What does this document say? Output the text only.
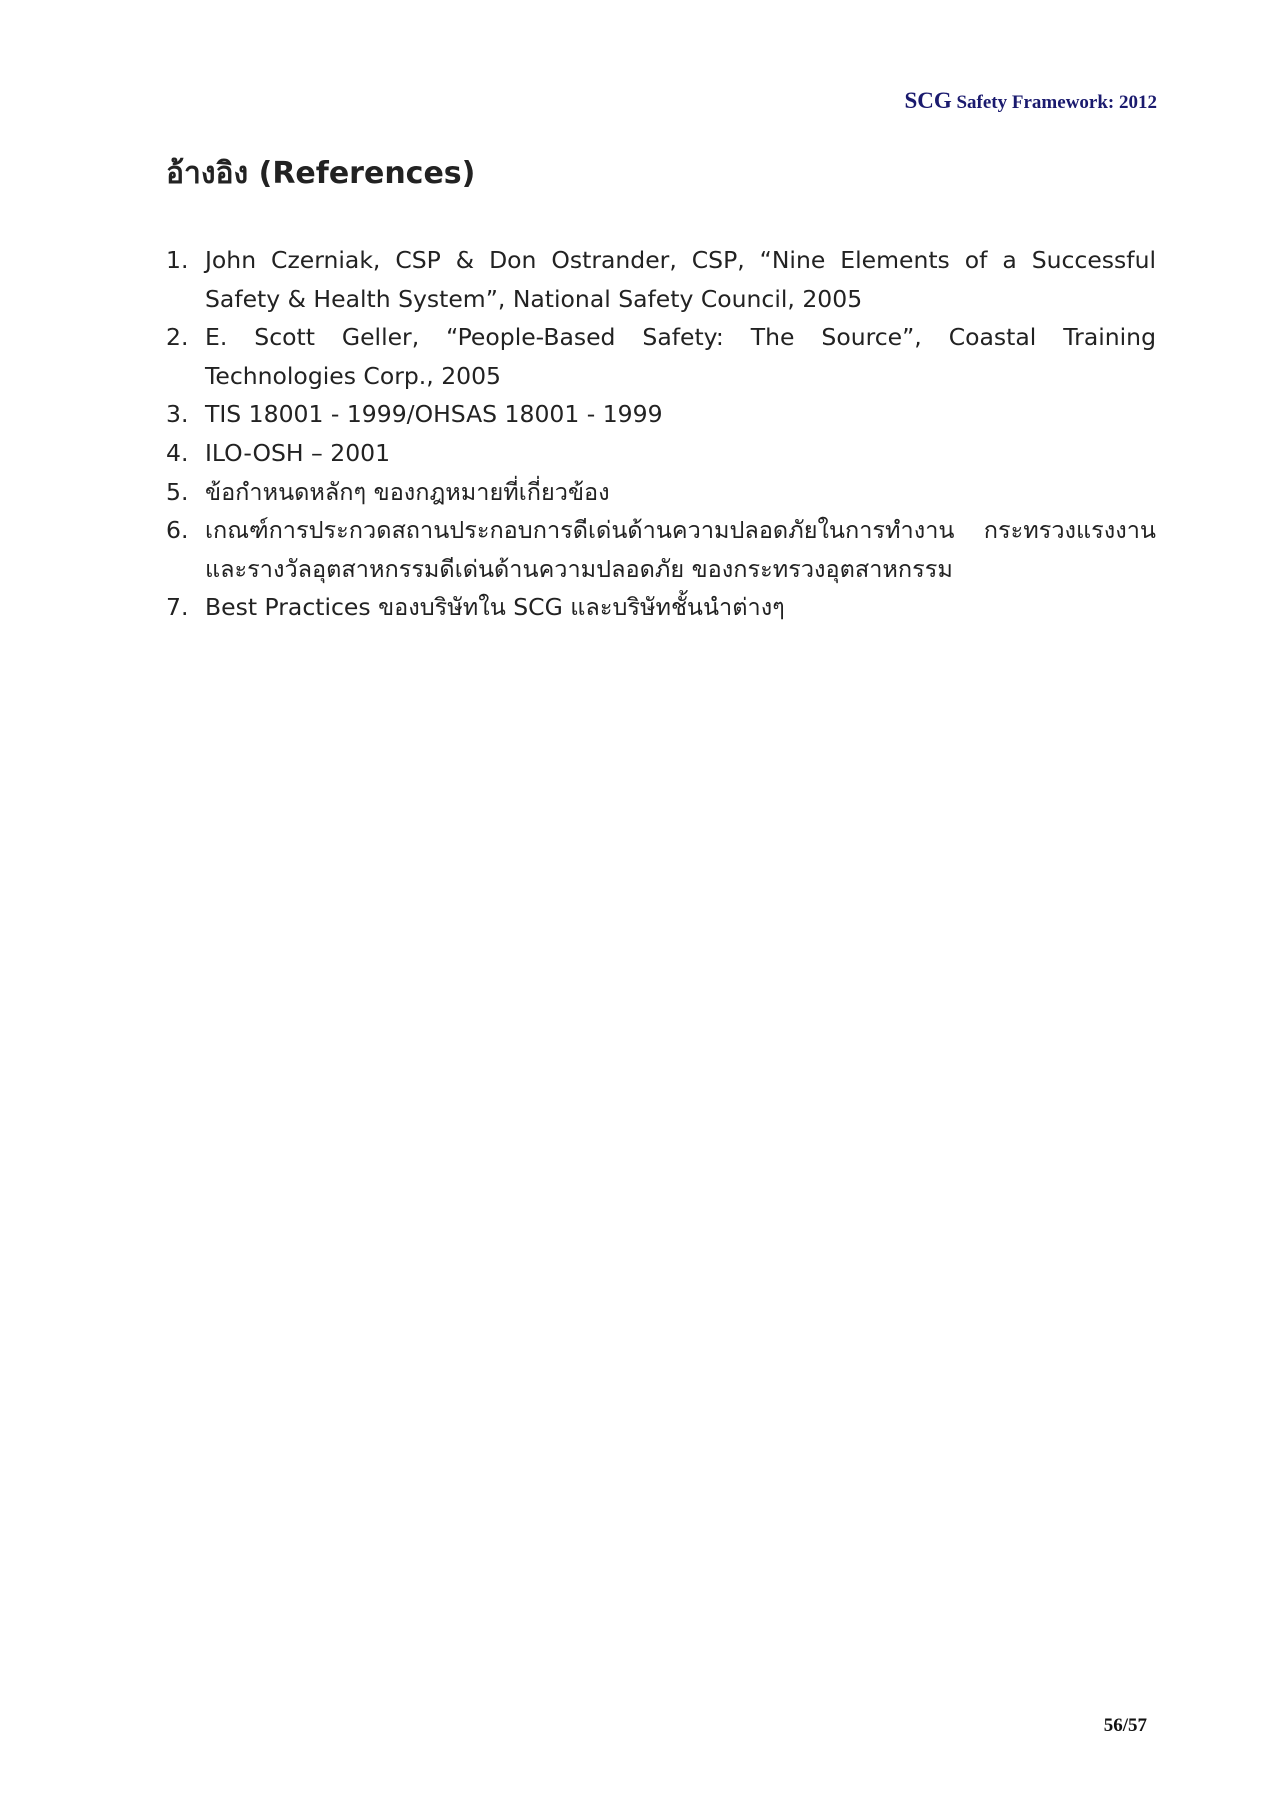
SCG Safety Framework: 2012
อ้างอิง (References)
1. John Czerniak, CSP & Don Ostrander, CSP, “Nine Elements of a Successful Safety & Health System”, National Safety Council, 2005
2. E. Scott Geller, “People-Based Safety: The Source”, Coastal Training Technologies Corp., 2005
3. TIS 18001 - 1999/OHSAS 18001 - 1999
4. ILO-OSH – 2001
5. ข้อกำหนดหลักๆ ของกฎหมายที่เกี่ยวข้อง
6. เกณฑ์การประกวดสถานประกอบการดีเด่นด้านความปลอดภัยในการทำงาน กระทรวงแรงงาน และรางวัลอุตสาหกรรมดีเด่นด้านความปลอดภัย ของกระทรวงอุตสาหกรรม
7. Best Practices ของบริษัทใน SCG และบริษัทชั้นนำต่างๆ
56/57
